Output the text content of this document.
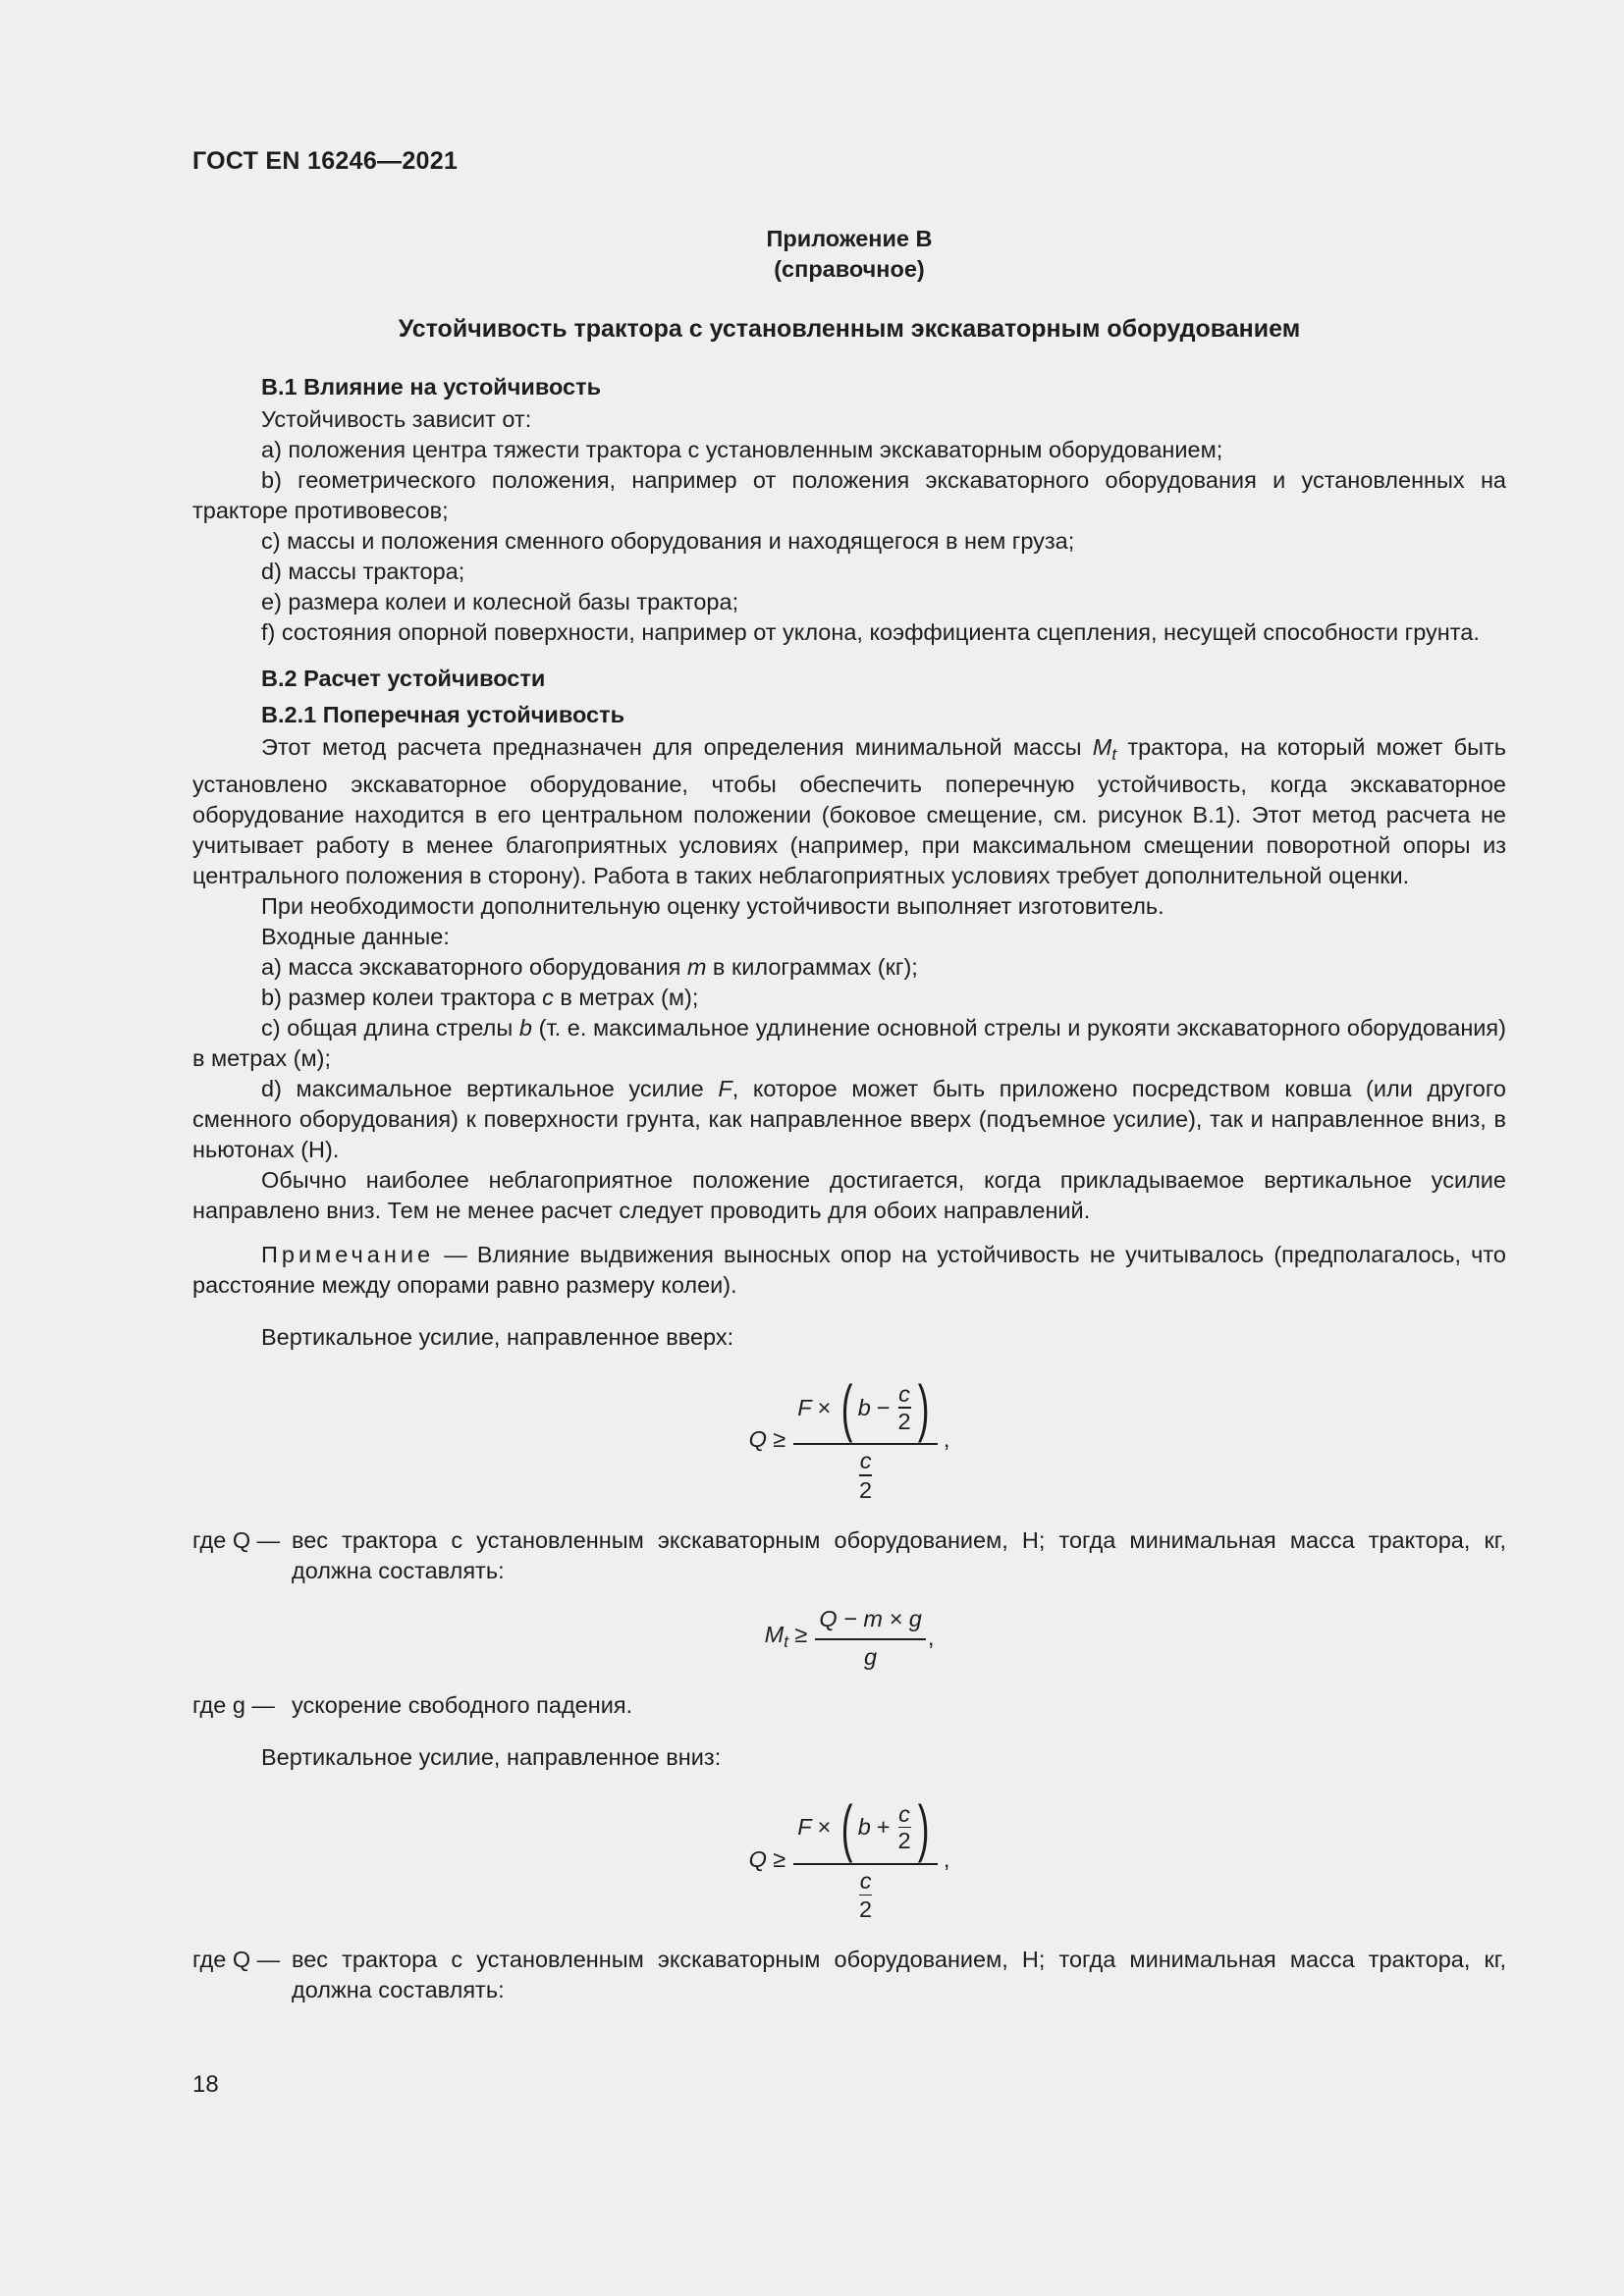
ГОСТ EN 16246—2021
Приложение В
(справочное)
Устойчивость трактора с установленным экскаваторным оборудованием
В.1 Влияние на устойчивость

Устойчивость зависит от:

a) положения центра тяжести трактора с установленным экскаваторным оборудованием;

b) геометрического положения, например от положения экскаваторного оборудования и установленных на тракторе противовесов;

c) массы и положения сменного оборудования и находящегося в нем груза;

d) массы трактора;

e) размера колеи и колесной базы трактора;

f) состояния опорной поверхности, например от уклона, коэффициента сцепления, несущей способности грунта.

В.2 Расчет устойчивости
В.2.1 Поперечная устойчивость

Этот метод расчета предназначен для определения минимальной массы $M_t$ трактора, на который может быть установлено экскаваторное оборудование, чтобы обеспечить поперечную устойчивость, когда экскаваторное оборудование находится в его центральном положении (боковое смещение, см. рисунок В.1). Этот метод расчета не учитывает работу в менее благоприятных условиях (например, при максимальном смещении поворотной опоры из центрального положения в сторону). Работа в таких неблагоприятных условиях требует дополнительной оценки.

При необходимости дополнительную оценку устойчивости выполняет изготовитель.

Входные данные:

a) масса экскаваторного оборудования m в килограммах (кг);

b) размер колеи трактора c в метрах (м);

c) общая длина стрелы b (т. е. максимальное удлинение основной стрелы и рукояти экскаваторного оборудования) в метрах (м);

d) максимальное вертикальное усилие F, которое может быть приложено посредством ковша (или другого сменного оборудования) к поверхности грунта, как направленное вверх (подъемное усилие), так и направленное вниз, в ньютонах (Н).

Обычно наиболее неблагоприятное положение достигается, когда прикладываемое вертикальное усилие направлено вниз. Тем не менее расчет следует проводить для обоих направлений.

Примечание — Влияние выдвижения выносных опор на устойчивость не учитывалось (предполагалось, что расстояние между опорами равно размеру колеи).

Вертикальное усилие, направленное вверх:

Q ≥ F × ( b −
c
2 )
c
2 ,
где Q — вес трактора с установленным экскаваторным оборудованием, Н; тогда минимальная масса трактора, кг, должна составлять:
$M_t \ge \frac{Q - m \times g}{g}$ ,
где g — ускорение свободного падения.

Вертикальное усилие, направленное вниз:

Q ≥ F × ( b +
c
2 )
c
2 ,
где Q — вес трактора с установленным экскаваторным оборудованием, Н; тогда минимальная масса трактора, кг, должна составлять:
18
